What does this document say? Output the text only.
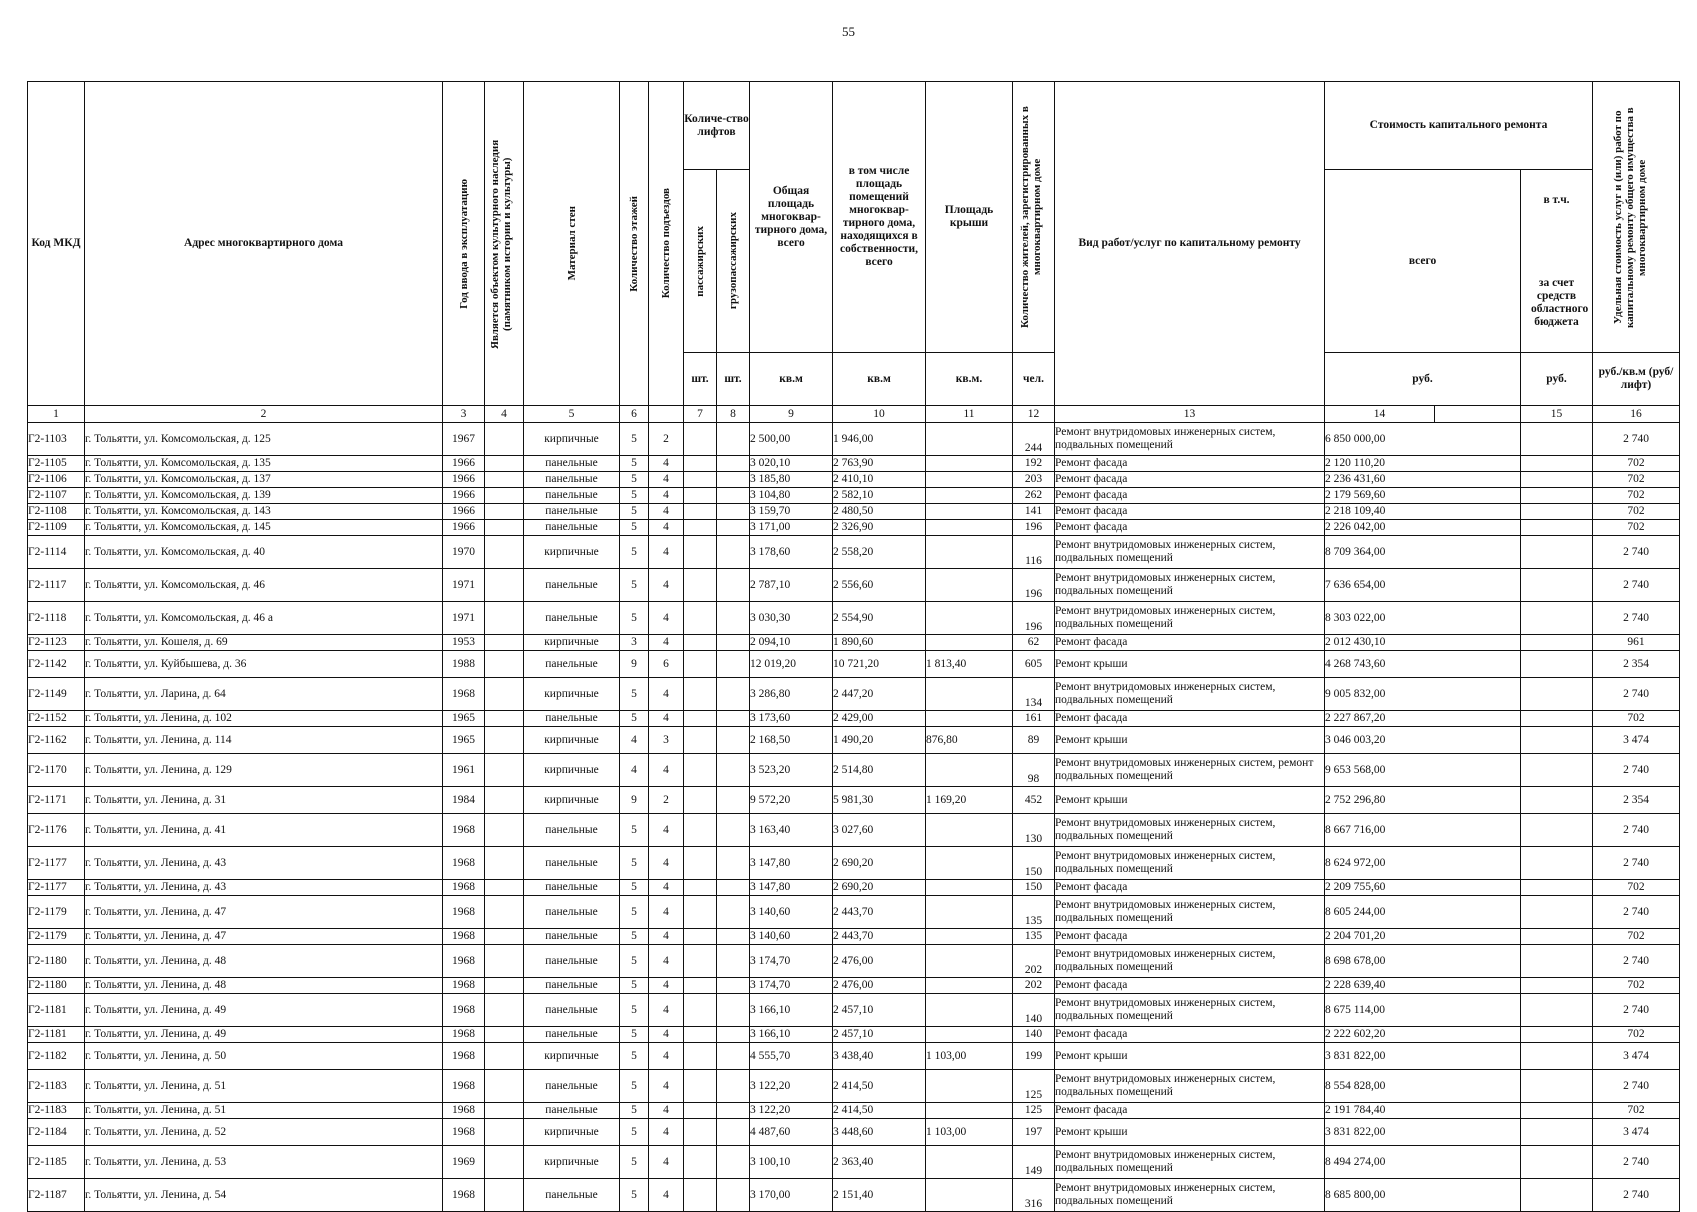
55
Код МКД	Адрес многоквартирного дома	Год ввода в эксплуатацию	Является объектом культурного наследия (памятником истории и культуры)	Материал стен	Количество этажей	Количество подъездов	Количе-ство лифтов		Общая площадь многоквар-тирного дома, всего	в том числе площадь помещений многоквар-тирного дома, находящихся в собственности, всего	Площадь крыши	Количество жителей, зарегистрированных в многоквартирном доме	Вид работ/услуг по капитальному ремонту	Стоимость капитального ремонта			Удельная стоимость услуг и (или) работ по капитальному ремонту общего имущества в многоквартирном доме

							пассажирских	грузопассажирских						всего		в т.ч.
за счет средств областного бюджета		

							шт.	шт.	кв.м	кв.м	кв.м.	чел.		руб.		руб.	руб./кв.м (руб/лифт)	
1	2	3	4	5	6		7	8	9	10	11	12	13	14		15	16	
Г2-1103	г. Тольятти, ул. Комсомольская, д. 125	1967		кирпичные	5	2			2 500,00	1 946,00		244	Ремонт внутридомовых инженерных систем, подвальных помещений	6 850 000,00			2 740	
Г2-1105	г. Тольятти, ул. Комсомольская, д. 135	1966		панельные	5	4			3 020,10	2 763,90		192	Ремонт фасада	2 120 110,20			702	
Г2-1106	г. Тольятти, ул. Комсомольская, д. 137	1966		панельные	5	4			3 185,80	2 410,10		203	Ремонт фасада	2 236 431,60			702	
Г2-1107	г. Тольятти, ул. Комсомольская, д. 139	1966		панельные	5	4			3 104,80	2 582,10		262	Ремонт фасада	2 179 569,60			702	
Г2-1108	г. Тольятти, ул. Комсомольская, д. 143	1966		панельные	5	4			3 159,70	2 480,50		141	Ремонт фасада	2 218 109,40			702	
Г2-1109	г. Тольятти, ул. Комсомольская, д. 145	1966		панельные	5	4			3 171,00	2 326,90		196	Ремонт фасада	2 226 042,00			702	
Г2-1114	г. Тольятти, ул. Комсомольская, д. 40	1970		кирпичные	5	4			3 178,60	2 558,20		116	Ремонт внутридомовых инженерных систем, подвальных помещений	8 709 364,00			2 740	
Г2-1117	г. Тольятти, ул. Комсомольская, д. 46	1971		панельные	5	4			2 787,10	2 556,60		196	Ремонт внутридомовых инженерных систем, подвальных помещений	7 636 654,00			2 740	
Г2-1118	г. Тольятти, ул. Комсомольская, д. 46 а	1971		панельные	5	4			3 030,30	2 554,90		196	Ремонт внутридомовых инженерных систем, подвальных помещений	8 303 022,00			2 740	
Г2-1123	г. Тольятти, ул. Кошеля, д. 69	1953		кирпичные	3	4			2 094,10	1 890,60		62	Ремонт фасада	2 012 430,10			961	
Г2-1142	г. Тольятти, ул. Куйбышева, д. 36	1988		панельные	9	6			12 019,20	10 721,20	1 813,40	605	Ремонт крыши	4 268 743,60			2 354	
Г2-1149	г. Тольятти, ул. Ларина, д. 64	1968		кирпичные	5	4			3 286,80	2 447,20		134	Ремонт внутридомовых инженерных систем, подвальных помещений	9 005 832,00			2 740	
Г2-1152	г. Тольятти, ул. Ленина, д. 102	1965		панельные	5	4			3 173,60	2 429,00		161	Ремонт фасада	2 227 867,20			702	
Г2-1162	г. Тольятти, ул. Ленина, д. 114	1965		кирпичные	4	3			2 168,50	1 490,20	876,80	89	Ремонт крыши	3 046 003,20			3 474	
Г2-1170	г. Тольятти, ул. Ленина, д. 129	1961		кирпичные	4	4			3 523,20	2 514,80		98	Ремонт внутридомовых инженерных систем, ремонт подвальных помещений	9 653 568,00			2 740	
Г2-1171	г. Тольятти, ул. Ленина, д. 31	1984		кирпичные	9	2			9 572,20	5 981,30	1 169,20	452	Ремонт крыши	2 752 296,80			2 354	
Г2-1176	г. Тольятти, ул. Ленина, д. 41	1968		панельные	5	4			3 163,40	3 027,60		130	Ремонт внутридомовых инженерных систем, подвальных помещений	8 667 716,00			2 740	
Г2-1177	г. Тольятти, ул. Ленина, д. 43	1968		панельные	5	4			3 147,80	2 690,20		150	Ремонт внутридомовых инженерных систем, подвальных помещений	8 624 972,00			2 740	
Г2-1177	г. Тольятти, ул. Ленина, д. 43	1968		панельные	5	4			3 147,80	2 690,20		150	Ремонт фасада	2 209 755,60			702	
Г2-1179	г. Тольятти, ул. Ленина, д. 47	1968		панельные	5	4			3 140,60	2 443,70		135	Ремонт внутридомовых инженерных систем, подвальных помещений	8 605 244,00			2 740	
Г2-1179	г. Тольятти, ул. Ленина, д. 47	1968		панельные	5	4			3 140,60	2 443,70		135	Ремонт фасада	2 204 701,20			702	
Г2-1180	г. Тольятти, ул. Ленина, д. 48	1968		панельные	5	4			3 174,70	2 476,00		202	Ремонт внутридомовых инженерных систем, подвальных помещений	8 698 678,00			2 740	
Г2-1180	г. Тольятти, ул. Ленина, д. 48	1968		панельные	5	4			3 174,70	2 476,00		202	Ремонт фасада	2 228 639,40			702	
Г2-1181	г. Тольятти, ул. Ленина, д. 49	1968		панельные	5	4			3 166,10	2 457,10		140	Ремонт внутридомовых инженерных систем, подвальных помещений	8 675 114,00			2 740	
Г2-1181	г. Тольятти, ул. Ленина, д. 49	1968		панельные	5	4			3 166,10	2 457,10		140	Ремонт фасада	2 222 602,20			702	
Г2-1182	г. Тольятти, ул. Ленина, д. 50	1968		кирпичные	5	4			4 555,70	3 438,40	1 103,00	199	Ремонт крыши	3 831 822,00			3 474	
Г2-1183	г. Тольятти, ул. Ленина, д. 51	1968		панельные	5	4			3 122,20	2 414,50		125	Ремонт внутридомовых инженерных систем, подвальных помещений	8 554 828,00			2 740	
Г2-1183	г. Тольятти, ул. Ленина, д. 51	1968		панельные	5	4			3 122,20	2 414,50		125	Ремонт фасада	2 191 784,40			702	
Г2-1184	г. Тольятти, ул. Ленина, д. 52	1968		кирпичные	5	4			4 487,60	3 448,60	1 103,00	197	Ремонт крыши	3 831 822,00			3 474	
Г2-1185	г. Тольятти, ул. Ленина, д. 53	1969		кирпичные	5	4			3 100,10	2 363,40		149	Ремонт внутридомовых инженерных систем, подвальных помещений	8 494 274,00			2 740	
Г2-1187	г. Тольятти, ул. Ленина, д. 54	1968		панельные	5	4			3 170,00	2 151,40		316	Ремонт внутридомовых инженерных систем, подвальных помещений	8 685 800,00			2 740	
